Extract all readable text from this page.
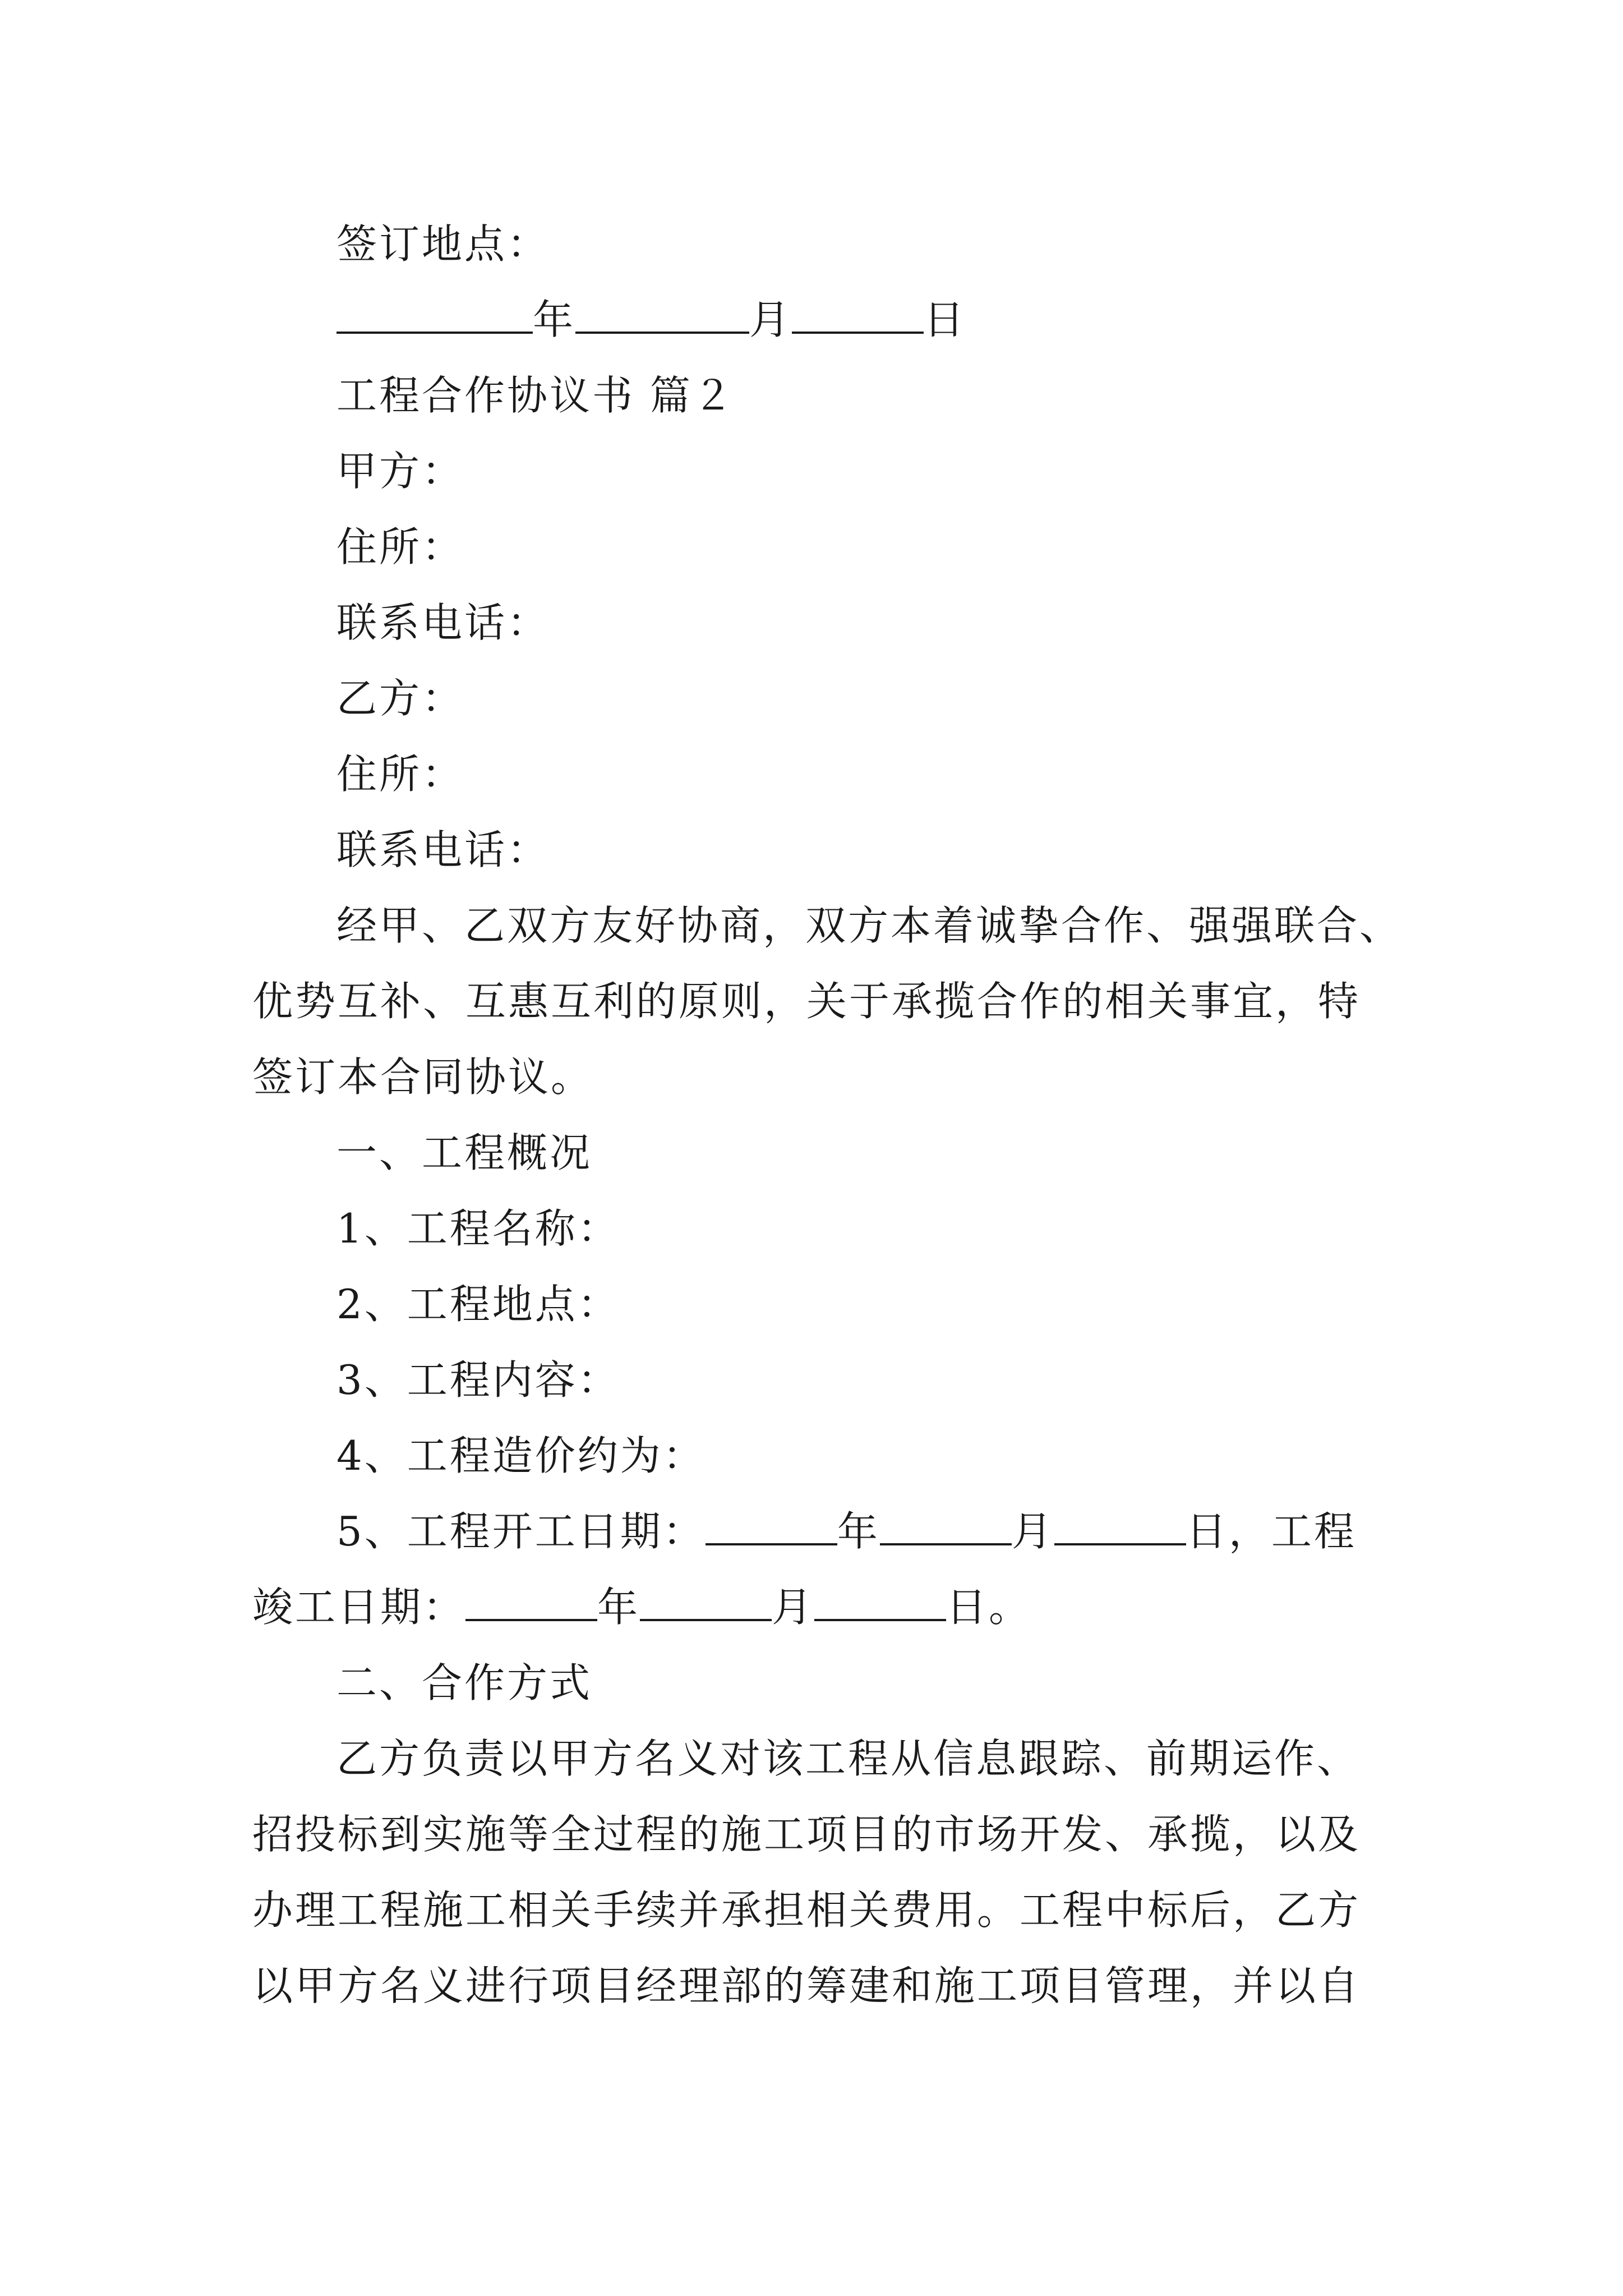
签订地点：
年	月	日
工程合作协议书 篇２
甲方：
住所：
联系电话：
乙方：
住所：
联系电话：
经甲、乙双方友好协商，双方本着诚挚合作、强强联合、
优势互补、互惠互利的原则，关于承揽合作的相关事宜，特
签订本合同协议。
一、工程概况
1、工程名称：
2、工程地点：
3、工程内容：
4、工程造价约为：
5、工程开工日期：	年	月	日，工程
竣工日期：	年	月	日。
二、合作方式
乙方负责以甲方名义对该工程从信息跟踪、前期运作、
招投标到实施等全过程的施工项目的市场开发、承揽，以及
办理工程施工相关手续并承担相关费用。工程中标后，乙方
以甲方名义进行项目经理部的筹建和施工项目管理，并以自
